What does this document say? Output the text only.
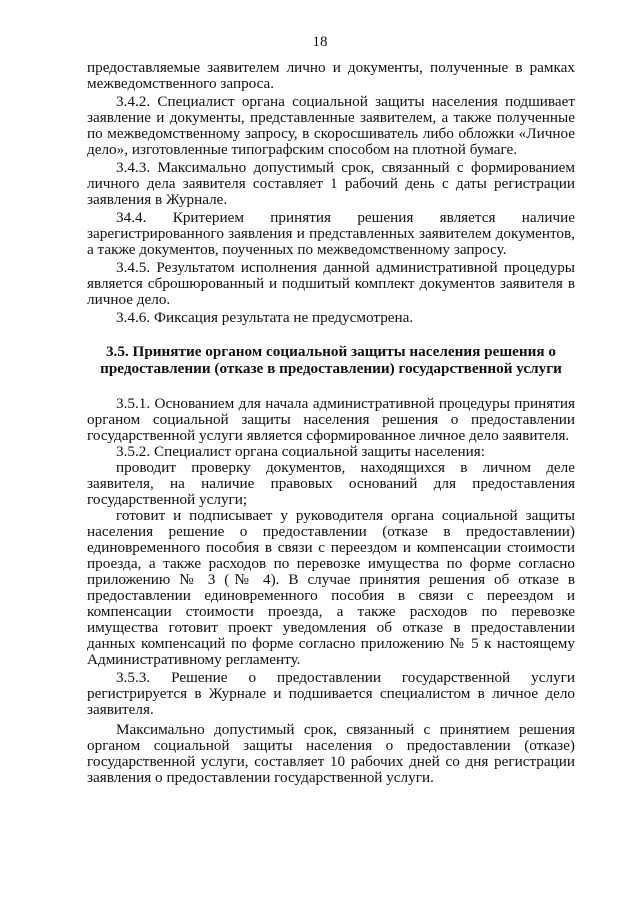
18

предоставляемые заявителем лично и документы, полученные в рамках межведомственного запроса.

3.4.2. Специалист органа социальной защиты населения подшивает заявление и документы, представленные заявителем, а также полученные по межведомственному запросу, в скоросшиватель либо обложки «Личное дело», изготовленные типографским способом на плотной бумаге.

3.4.3. Максимально допустимый срок, связанный с формированием личного дела заявителя составляет 1 рабочий день с даты регистрации заявления в Журнале.

34.4. Критерием принятия решения является наличие зарегистрированного заявления и представленных заявителем документов, а также документов, поученных по межведомственному запросу.

3.4.5. Результатом исполнения данной административной процедуры является сброшюрованный и подшитый комплект документов заявителя в личное дело.

3.4.6. Фиксация результата не предусмотрена.

3.5. Принятие органом социальной защиты населения решения о предоставлении (отказе в предоставлении) государственной услуги

3.5.1. Основанием для начала административной процедуры принятия органом социальной защиты населения решения о предоставлении государственной услуги является сформированное личное дело заявителя.

3.5.2. Специалист органа социальной защиты населения:

проводит проверку документов, находящихся в личном деле заявителя, на наличие правовых оснований для предоставления государственной услуги;

готовит и подписывает у руководителя органа социальной защиты населения решение о предоставлении (отказе в предоставлении) единовременного пособия в связи с переездом и компенсации стоимости проезда, а также расходов по перевозке имущества по форме согласно приложению № 3 (№ 4). В случае принятия решения об отказе в предоставлении единовременного пособия в связи с переездом и компенсации стоимости проезда, а также расходов по перевозке имущества готовит проект уведомления об отказе в предоставлении данных компенсаций по форме согласно приложению № 5 к настоящему Административному регламенту.

3.5.3. Решение о предоставлении государственной услуги регистрируется в Журнале и подшивается специалистом в личное дело заявителя.

Максимально допустимый срок, связанный с принятием решения органом социальной защиты населения о предоставлении (отказе) государственной услуги, составляет 10 рабочих дней со дня регистрации заявления о предоставлении государственной услуги.
